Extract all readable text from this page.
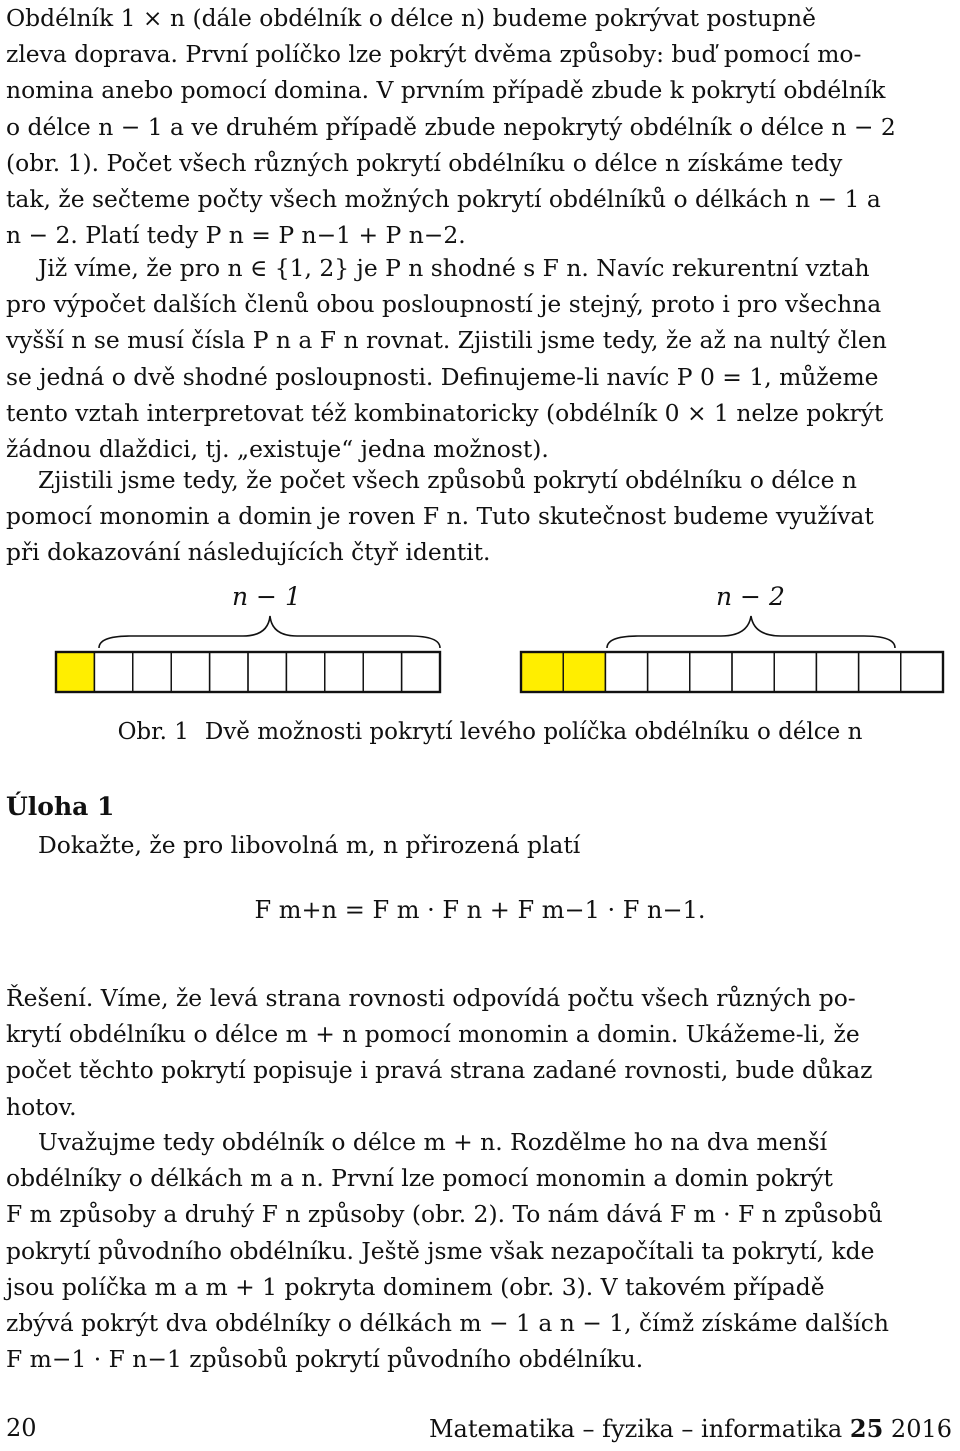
Obdélník 1 × n (dále obdélník o délce n) budeme pokrývat postupně
zleva doprava. První políčko lze pokrýt dvěma způsoby: buď pomocí mo-
nomina anebo pomocí domina. V prvním případě zbude k pokrytí obdélník
o délce n − 1 a ve druhém případě zbude nepokrytý obdélník o délce n − 2
(obr. 1). Počet všech různých pokrytí obdélníku o délce n získáme tedy
tak, že sečteme počty všech možných pokrytí obdélníků o délkách n − 1 a
n − 2. Platí tedy P n = P n−1 + P n−2.
Již víme, že pro n ∈ {1, 2} je P n shodné s F n. Navíc rekurentní vztah
pro výpočet dalších členů obou posloupností je stejný, proto i pro všechna
vyšší n se musí čísla P n a F n rovnat. Zjistili jsme tedy, že až na nultý člen
se jedná o dvě shodné posloupnosti. Definujeme-li navíc P 0 = 1, můžeme
tento vztah interpretovat též kombinatoricky (obdélník 0 × 1 nelze pokrýt
žádnou dlaždici, tj. „existuje“ jedna možnost).
Zjistili jsme tedy, že počet všech způsobů pokrytí obdélníku o délce n
pomocí monomin a domin je roven F n. Tuto skutečnost budeme využívat
při dokazování následujících čtyř identit.
n − 1	n − 2
Obr. 1 Dvě možnosti pokrytí levého políčka obdélníku o délce n
Úloha 1
Dokažte, že pro libovolná m, n přirozená platí
F m+n = F m · F n + F m−1 · F n−1.
Řešení. Víme, že levá strana rovnosti odpovídá počtu všech různých po-
krytí obdélníku o délce m + n pomocí monomin a domin. Ukážeme-li, že
počet těchto pokrytí popisuje i pravá strana zadané rovnosti, bude důkaz
hotov.
Uvažujme tedy obdélník o délce m + n. Rozdělme ho na dva menší
obdélníky o délkách m a n. První lze pomocí monomin a domin pokrýt
F m způsoby a druhý F n způsoby (obr. 2). To nám dává F m · F n způsobů
pokrytí původního obdélníku. Ještě jsme však nezapočítali ta pokrytí, kde
jsou políčka m a m + 1 pokryta dominem (obr. 3). V takovém případě
zbývá pokrýt dva obdélníky o délkách m − 1 a n − 1, čímž získáme dalších
F m−1 · F n−1 způsobů pokrytí původního obdélníku.
20	Matematika – fyzika – informatika 25 2016
